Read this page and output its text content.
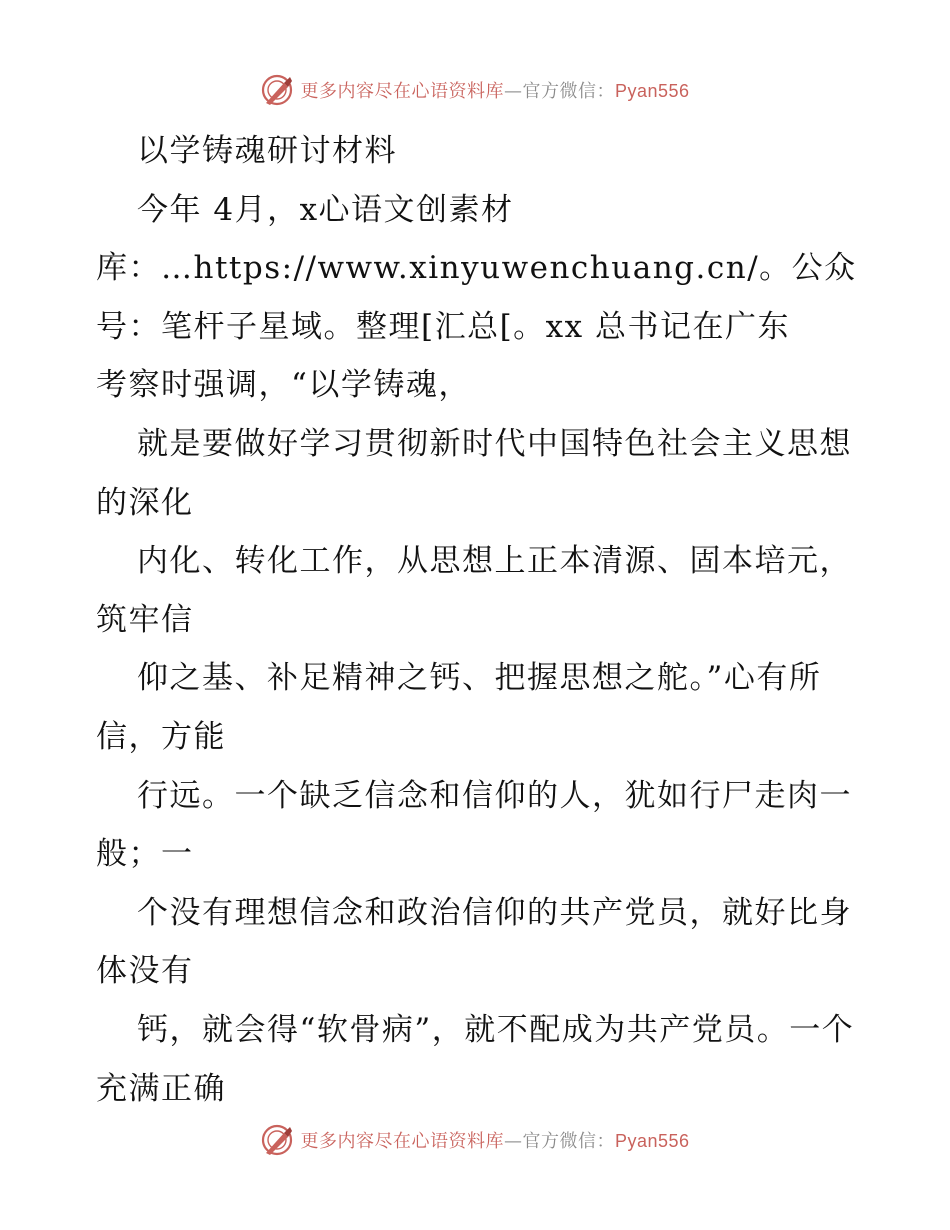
更多内容尽在心语资料库—官方微信：Pyan556

以学铸魂研讨材料

今年 4月，x心语文创素材

库：…https://www.xinyuwenchuang.cn/。公众

号：笔杆子星域。整理[汇总[。xx 总书记在广东

考察时强调，“以学铸魂，

就是要做好学习贯彻新时代中国特色社会主义思想的深化

内化、转化工作，从思想上正本清源、固本培元，筑牢信

仰之基、补足精神之钙、把握思想之舵。”心有所信，方能

行远。一个缺乏信念和信仰的人，犹如行尸走肉一般；一

个没有理想信念和政治信仰的共产党员，就好比身体没有

钙，就会得“软骨病”，就不配成为共产党员。一个充满正确

更多内容尽在心语资料库—官方微信：Pyan556
